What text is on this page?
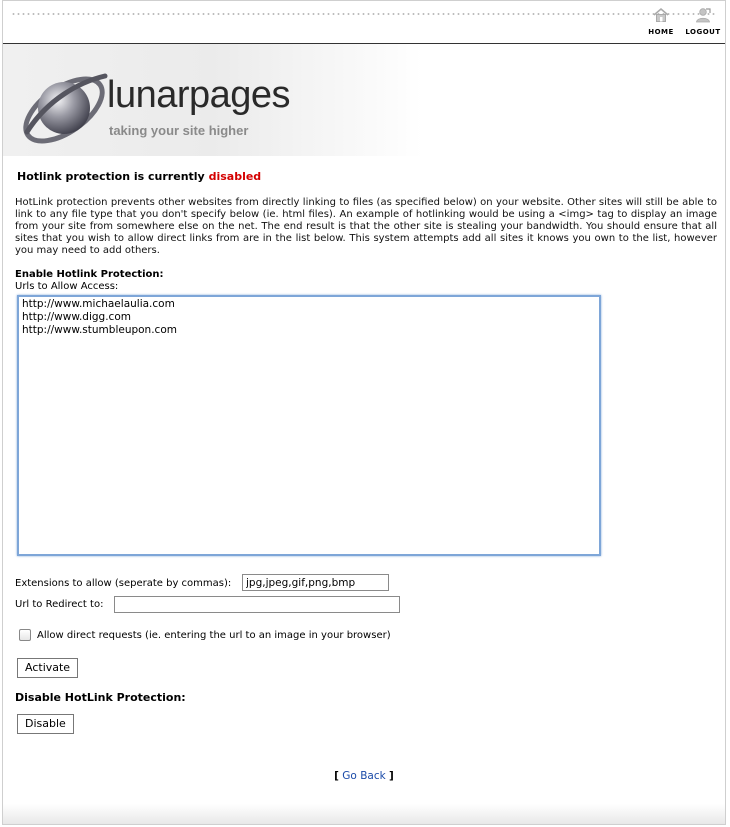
HOME	LOGOUT
lunarpages
taking your site higher
Hotlink protection is currently disabled
HotLink protection prevents other websites from directly linking to files (as specified below) on your website. Other sites will still be able to link to any file type that you don't specify below (ie. html files). An example of hotlinking would be using a <img> tag to display an image from your site from somewhere else on the net. The end result is that the other site is stealing your bandwidth. You should ensure that all sites that you wish to allow direct links from are in the list below. This system attempts add all sites it knows you own to the list, however you may need to add others.
Enable Hotlink Protection:
Urls to Allow Access:
http://www.michaelaulia.com http://www.digg.com http://www.stumbleupon.com
Extensions to allow (seperate by commas):
jpg,jpeg,gif,png,bmp
Url to Redirect to:
Allow direct requests (ie. entering the url to an image in your browser)
Activate
Disable HotLink Protection:
Disable
[ Go Back ]
